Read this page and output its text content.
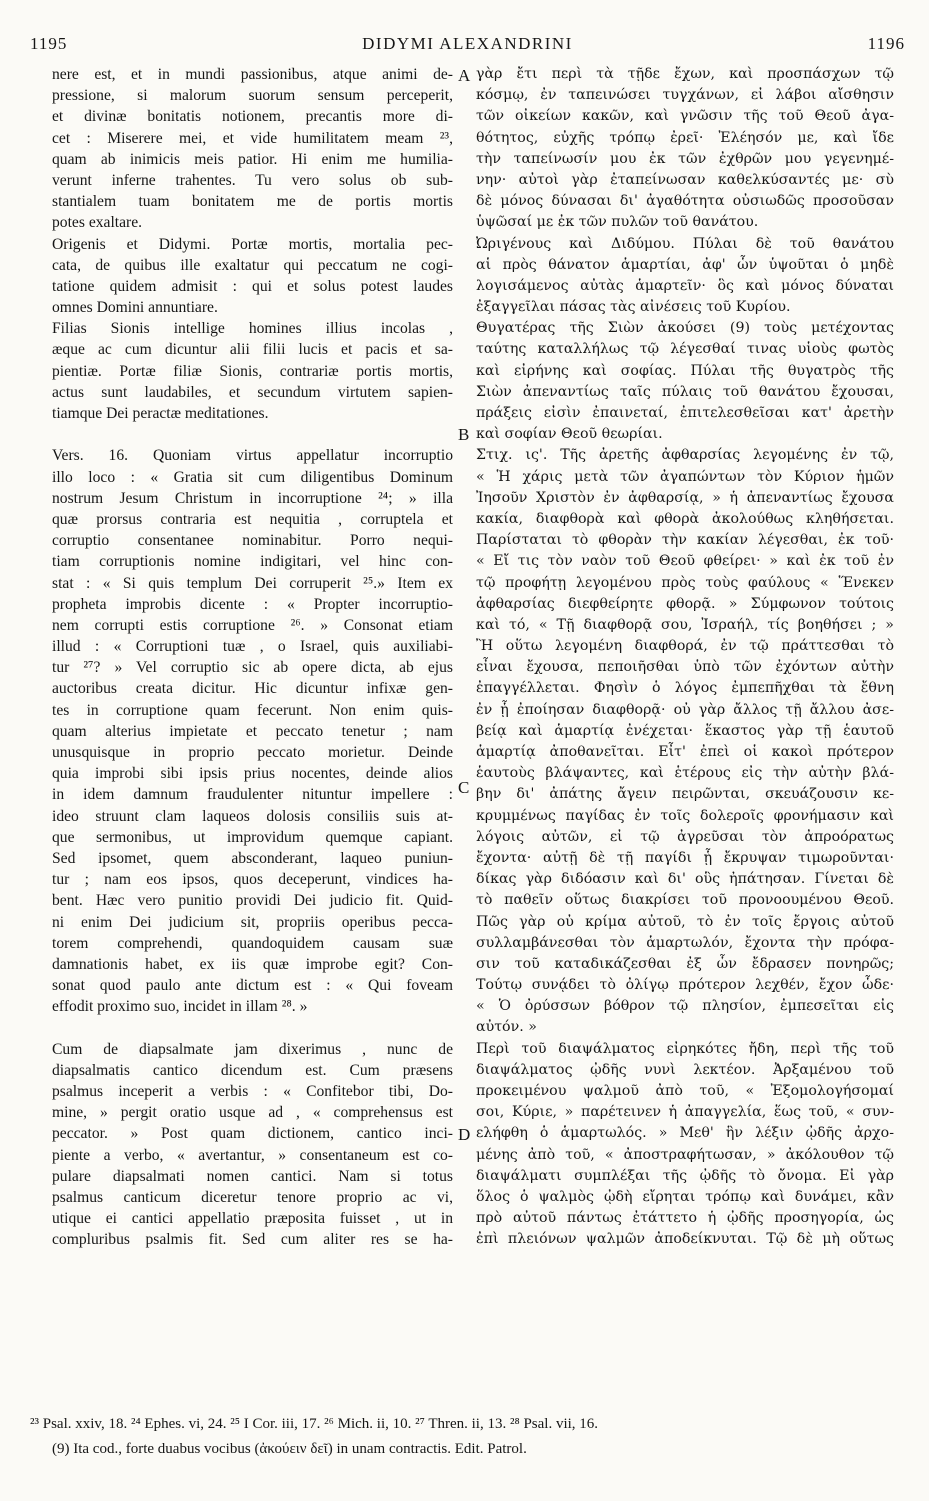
1195	DIDYMI ALEXANDRINI	1196
nere est, et in mundi passionibus, atque animi de-
pressione, si malorum suorum sensum perceperit,
et divinæ bonitatis notionem, precantis more di-
cet : Miserere mei, et vide humilitatem meam ²³,
quam ab inimicis meis patior. Hi enim me humilia-
verunt inferne trahentes. Tu vero solus ob sub-
stantialem tuam bonitatem me de portis mortis
potes exaltare.
Origenis et Didymi. Portæ mortis, mortalia pec-
cata, de quibus ille exaltatur qui peccatum ne cogi-
tatione quidem admisit : qui et solus potest laudes
omnes Domini annuntiare.
Filias Sionis intellige homines illius incolas ,
æque ac cum dicuntur alii filii lucis et pacis et sa-
pientiæ. Portæ filiæ Sionis, contrariæ portis mortis,
actus sunt laudabiles, et secundum virtutem sapien-
tiamque Dei peractæ meditationes.
Vers. 16. Quoniam virtus appellatur incorruptio
illo loco : « Gratia sit cum diligentibus Dominum
nostrum Jesum Christum in incorruptione ²⁴; » illa
quæ prorsus contraria est nequitia , corruptela et
corruptio consentanee nominabitur. Porro nequi-
tiam corruptionis nomine indigitari, vel hinc con-
stat : « Si quis templum Dei corruperit ²⁵.» Item ex
propheta improbis dicente : « Propter incorruptio-
nem corrupti estis corruptione ²⁶. » Consonat etiam
illud : « Corruptioni tuæ , o Israel, quis auxiliabi-
tur ²⁷? » Vel corruptio sic ab opere dicta, ab ejus
auctoribus creata dicitur. Hic dicuntur infixæ gen-
tes in corruptione quam fecerunt. Non enim quis-
quam alterius impietate et peccato tenetur ; nam
unusquisque in proprio peccato morietur. Deinde
quia improbi sibi ipsis prius nocentes, deinde alios
in idem damnum fraudulenter nituntur impellere :
ideo struunt clam laqueos dolosis consiliis suis at-
que sermonibus, ut improvidum quemque capiant.
Sed ipsomet, quem absconderant, laqueo puniun-
tur ; nam eos ipsos, quos deceperunt, vindices ha-
bent. Hæc vero punitio providi Dei judicio fit. Quid-
ni enim Dei judicium sit, propriis operibus pecca-
torem comprehendi, quandoquidem causam suæ
damnationis habet, ex iis quæ improbe egit? Con-
sonat quod paulo ante dictum est : « Qui foveam
effodit proximo suo, incidet in illam ²⁸. »
Cum de diapsalmate jam dixerimus , nunc de
diapsalmatis cantico dicendum est. Cum præsens
psalmus inceperit a verbis : « Confitebor tibi, Do-
mine, » pergit oratio usque ad , « comprehensus est
peccator. » Post quam dictionem, cantico inci-
piente a verbo, « avertantur, » consentaneum est co-
pulare diapsalmati nomen cantici. Nam si totus
psalmus canticum diceretur tenore proprio ac vi,
utique ei cantici appellatio præposita fuisset , ut in
compluribus psalmis fit. Sed cum aliter res se ha-
γὰρ ἔτι περὶ τὰ τῇδε ἔχων, καὶ προσπάσχων τῷ
κόσμῳ, ἐν ταπεινώσει τυγχάνων, εἰ λάβοι αἴσθησιν
τῶν οἰκείων κακῶν, καὶ γνῶσιν τῆς τοῦ Θεοῦ ἀγα-
θότητος, εὐχῆς τρόπῳ ἐρεῖ· Ἐλέησόν με, καὶ ἴδε
τὴν ταπείνωσίν μου ἐκ τῶν ἐχθρῶν μου γεγενημέ-
νην· αὐτοὶ γὰρ ἐταπείνωσαν καθελκύσαντές με· σὺ
δὲ μόνος δύνασαι δι' ἀγαθότητα οὐσιωδῶς προσοῦσαν
ὑψῶσαί με ἐκ τῶν πυλῶν τοῦ θανάτου.
Ὠριγένους καὶ Διδύμου. Πύλαι δὲ τοῦ θανάτου
αἱ πρὸς θάνατον ἁμαρτίαι, ἀφ' ὧν ὑψοῦται ὁ μηδὲ
λογισάμενος αὐτὰς ἁμαρτεῖν· ὃς καὶ μόνος δύναται
ἐξαγγεῖλαι πάσας τὰς αἰνέσεις τοῦ Κυρίου.
Θυγατέρας τῆς Σιὼν ἀκούσει (9) τοὺς μετέχοντας
ταύτης καταλλήλως τῷ λέγεσθαί τινας υἱοὺς φωτὸς
καὶ εἰρήνης καὶ σοφίας. Πύλαι τῆς θυγατρὸς τῆς
Σιὼν ἀπεναντίως ταῖς πύλαις τοῦ θανάτου ἔχουσαι,
πράξεις εἰσὶν ἐπαινεταί, ἐπιτελεσθεῖσαι κατ' ἀρετὴν
καὶ σοφίαν Θεοῦ θεωρίαι.
Στιχ. ις'. Τῆς ἀρετῆς ἀφθαρσίας λεγομένης ἐν τῷ,
« Ἡ χάρις μετὰ τῶν ἀγαπώντων τὸν Κύριον ἡμῶν
Ἰησοῦν Χριστὸν ἐν ἀφθαρσίᾳ, » ἡ ἀπεναντίως ἔχουσα
κακία, διαφθορὰ καὶ φθορὰ ἀκολούθως κληθήσεται.
Παρίσταται τὸ φθορὰν τὴν κακίαν λέγεσθαι, ἐκ τοῦ·
« Εἴ τις τὸν ναὸν τοῦ Θεοῦ φθείρει· » καὶ ἐκ τοῦ ἐν
τῷ προφήτῃ λεγομένου πρὸς τοὺς φαύλους « Ἕνεκεν
ἀφθαρσίας διεφθείρητε φθορᾷ. » Σύμφωνον τούτοις
καὶ τό, « Τῇ διαφθορᾷ σου, Ἰσραήλ, τίς βοηθήσει ; »
Ἢ οὕτω λεγομένη διαφθορά, ἐν τῷ πράττεσθαι τὸ
εἶναι ἔχουσα, πεποιῆσθαι ὑπὸ τῶν ἐχόντων αὐτὴν
ἐπαγγέλλεται. Φησὶν ὁ λόγος ἐμπεπῆχθαι τὰ ἔθνη
ἐν ᾗ ἐποίησαν διαφθορᾷ· οὐ γὰρ ἄλλος τῇ ἄλλου ἀσε-
βείᾳ καὶ ἁμαρτίᾳ ἐνέχεται· ἕκαστος γὰρ τῇ ἑαυτοῦ
ἁμαρτίᾳ ἀποθανεῖται. Εἶτ' ἐπεὶ οἱ κακοὶ πρότερον
ἑαυτοὺς βλάψαντες, καὶ ἑτέρους εἰς τὴν αὐτὴν βλά-
βην δι' ἀπάτης ἄγειν πειρῶνται, σκευάζουσιν κε-
κρυμμένως παγίδας ἐν τοῖς δολεροῖς φρονήμασιν καὶ
λόγοις αὐτῶν, εἰ τῷ ἀγρεῦσαι τὸν ἀπροόρατως
ἔχοντα· αὐτῇ δὲ τῇ παγίδι ᾗ ἔκρυψαν τιμωροῦνται·
δίκας γὰρ διδόασιν καὶ δι' οὓς ἠπάτησαν. Γίνεται δὲ
τὸ παθεῖν οὕτως διακρίσει τοῦ προνοουμένου Θεοῦ.
Πῶς γὰρ οὐ κρίμα αὐτοῦ, τὸ ἐν τοῖς ἔργοις αὐτοῦ
συλλαμβάνεσθαι τὸν ἁμαρτωλόν, ἔχοντα τὴν πρόφα-
σιν τοῦ καταδικάζεσθαι ἐξ ὧν ἔδρασεν πονηρῶς;
Τούτῳ συνᾴδει τὸ ὀλίγῳ πρότερον λεχθέν, ἔχον ὧδε·
« Ὁ ὀρύσσων βόθρον τῷ πλησίον, ἐμπεσεῖται εἰς
αὐτόν. »
Περὶ τοῦ διαψάλματος εἰρηκότες ἤδη, περὶ τῆς τοῦ
διαψάλματος ᾠδῆς νυνὶ λεκτέον. Ἀρξαμένου τοῦ
προκειμένου ψαλμοῦ ἀπὸ τοῦ, « Ἐξομολογήσομαί
σοι, Κύριε, » παρέτεινεν ἡ ἀπαγγελία, ἕως τοῦ, « συν-
ελήφθη ὁ ἁμαρτωλός. » Μεθ' ἣν λέξιν ᾠδῆς ἀρχο-
μένης ἀπὸ τοῦ, « ἀποστραφήτωσαν, » ἀκόλουθον τῷ
διαψάλματι συμπλέξαι τῆς ᾠδῆς τὸ ὄνομα. Εἰ γὰρ
ὅλος ὁ ψαλμὸς ᾠδὴ εἴρηται τρόπῳ καὶ δυνάμει, κἂν
πρὸ αὐτοῦ πάντως ἐτάττετο ἡ ᾠδῆς προσηγορία, ὡς
ἐπὶ πλειόνων ψαλμῶν ἀποδείκνυται. Τῷ δὲ μὴ οὕτως
A
B
C
D
²³ Psal. xxiv, 18. ²⁴ Ephes. vi, 24. ²⁵ I Cor. iii, 17. ²⁶ Mich. ii, 10. ²⁷ Thren. ii, 13. ²⁸ Psal. vii, 16.
(9) Ita cod., forte duabus vocibus (ἀκούειν δεῖ) in unam contractis. Edit. Patrol.
